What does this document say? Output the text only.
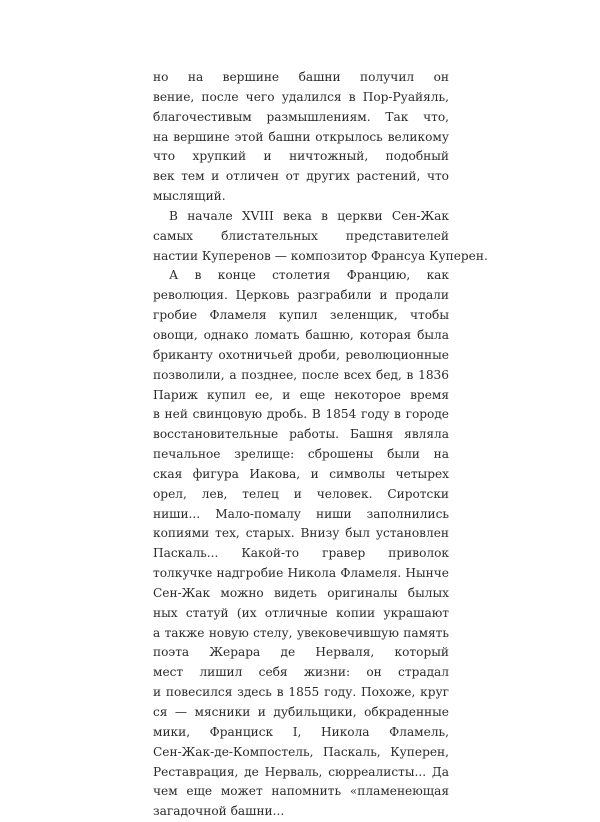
но на вершине башни получил он
вение, после чего удалился в Пор-Руайяль,
благочестивым размышлениям. Так что,
на вершине этой башни открылось великому
что хрупкий и ничтожный, подобный
век тем и отличен от других растений, что
мыслящий.
В начале XVIII века в церкви Сен-Жак
самых блистательных представителей
настии Куперенов — композитор Франсуа Куперен.
А в конце столетия Францию, как
революция. Церковь разграбили и продали
гробие Фламеля купил зеленщик, чтобы
овощи, однако ломать башню, которая была
бриканту охотничьей дроби, революционные
позволили, а позднее, после всех бед, в 1836
Париж купил ее, и еще некоторое время
в ней свинцовую дробь. В 1854 году в городе
восстановительные работы. Башня являла
печальное зрелище: сброшены были на
ская фигура Иакова, и символы четырех
орел, лев, телец и человек. Сиротски
ниши... Мало-помалу ниши заполнились
копиями тех, старых. Внизу был установлен
Паскаль... Какой-то гравер приволок
толкучке надгробие Никола Фламеля. Нынче
Сен-Жак можно видеть оригиналы былых
ных статуй (их отличные копии украшают
а также новую стелу, увековечившую память
поэта Жерара де Нерваля, который
мест лишил себя жизни: он страдал
и повесился здесь в 1855 году. Похоже, круг
ся — мясники и дубильщики, обкраденные
мики, Франциск I, Никола Фламель,
Сен-Жак-де-Компостель, Паскаль, Куперен,
Реставрация, де Нерваль, сюрреалисты... Да
чем еще может напомнить «пламенеющая
загадочной башни...
